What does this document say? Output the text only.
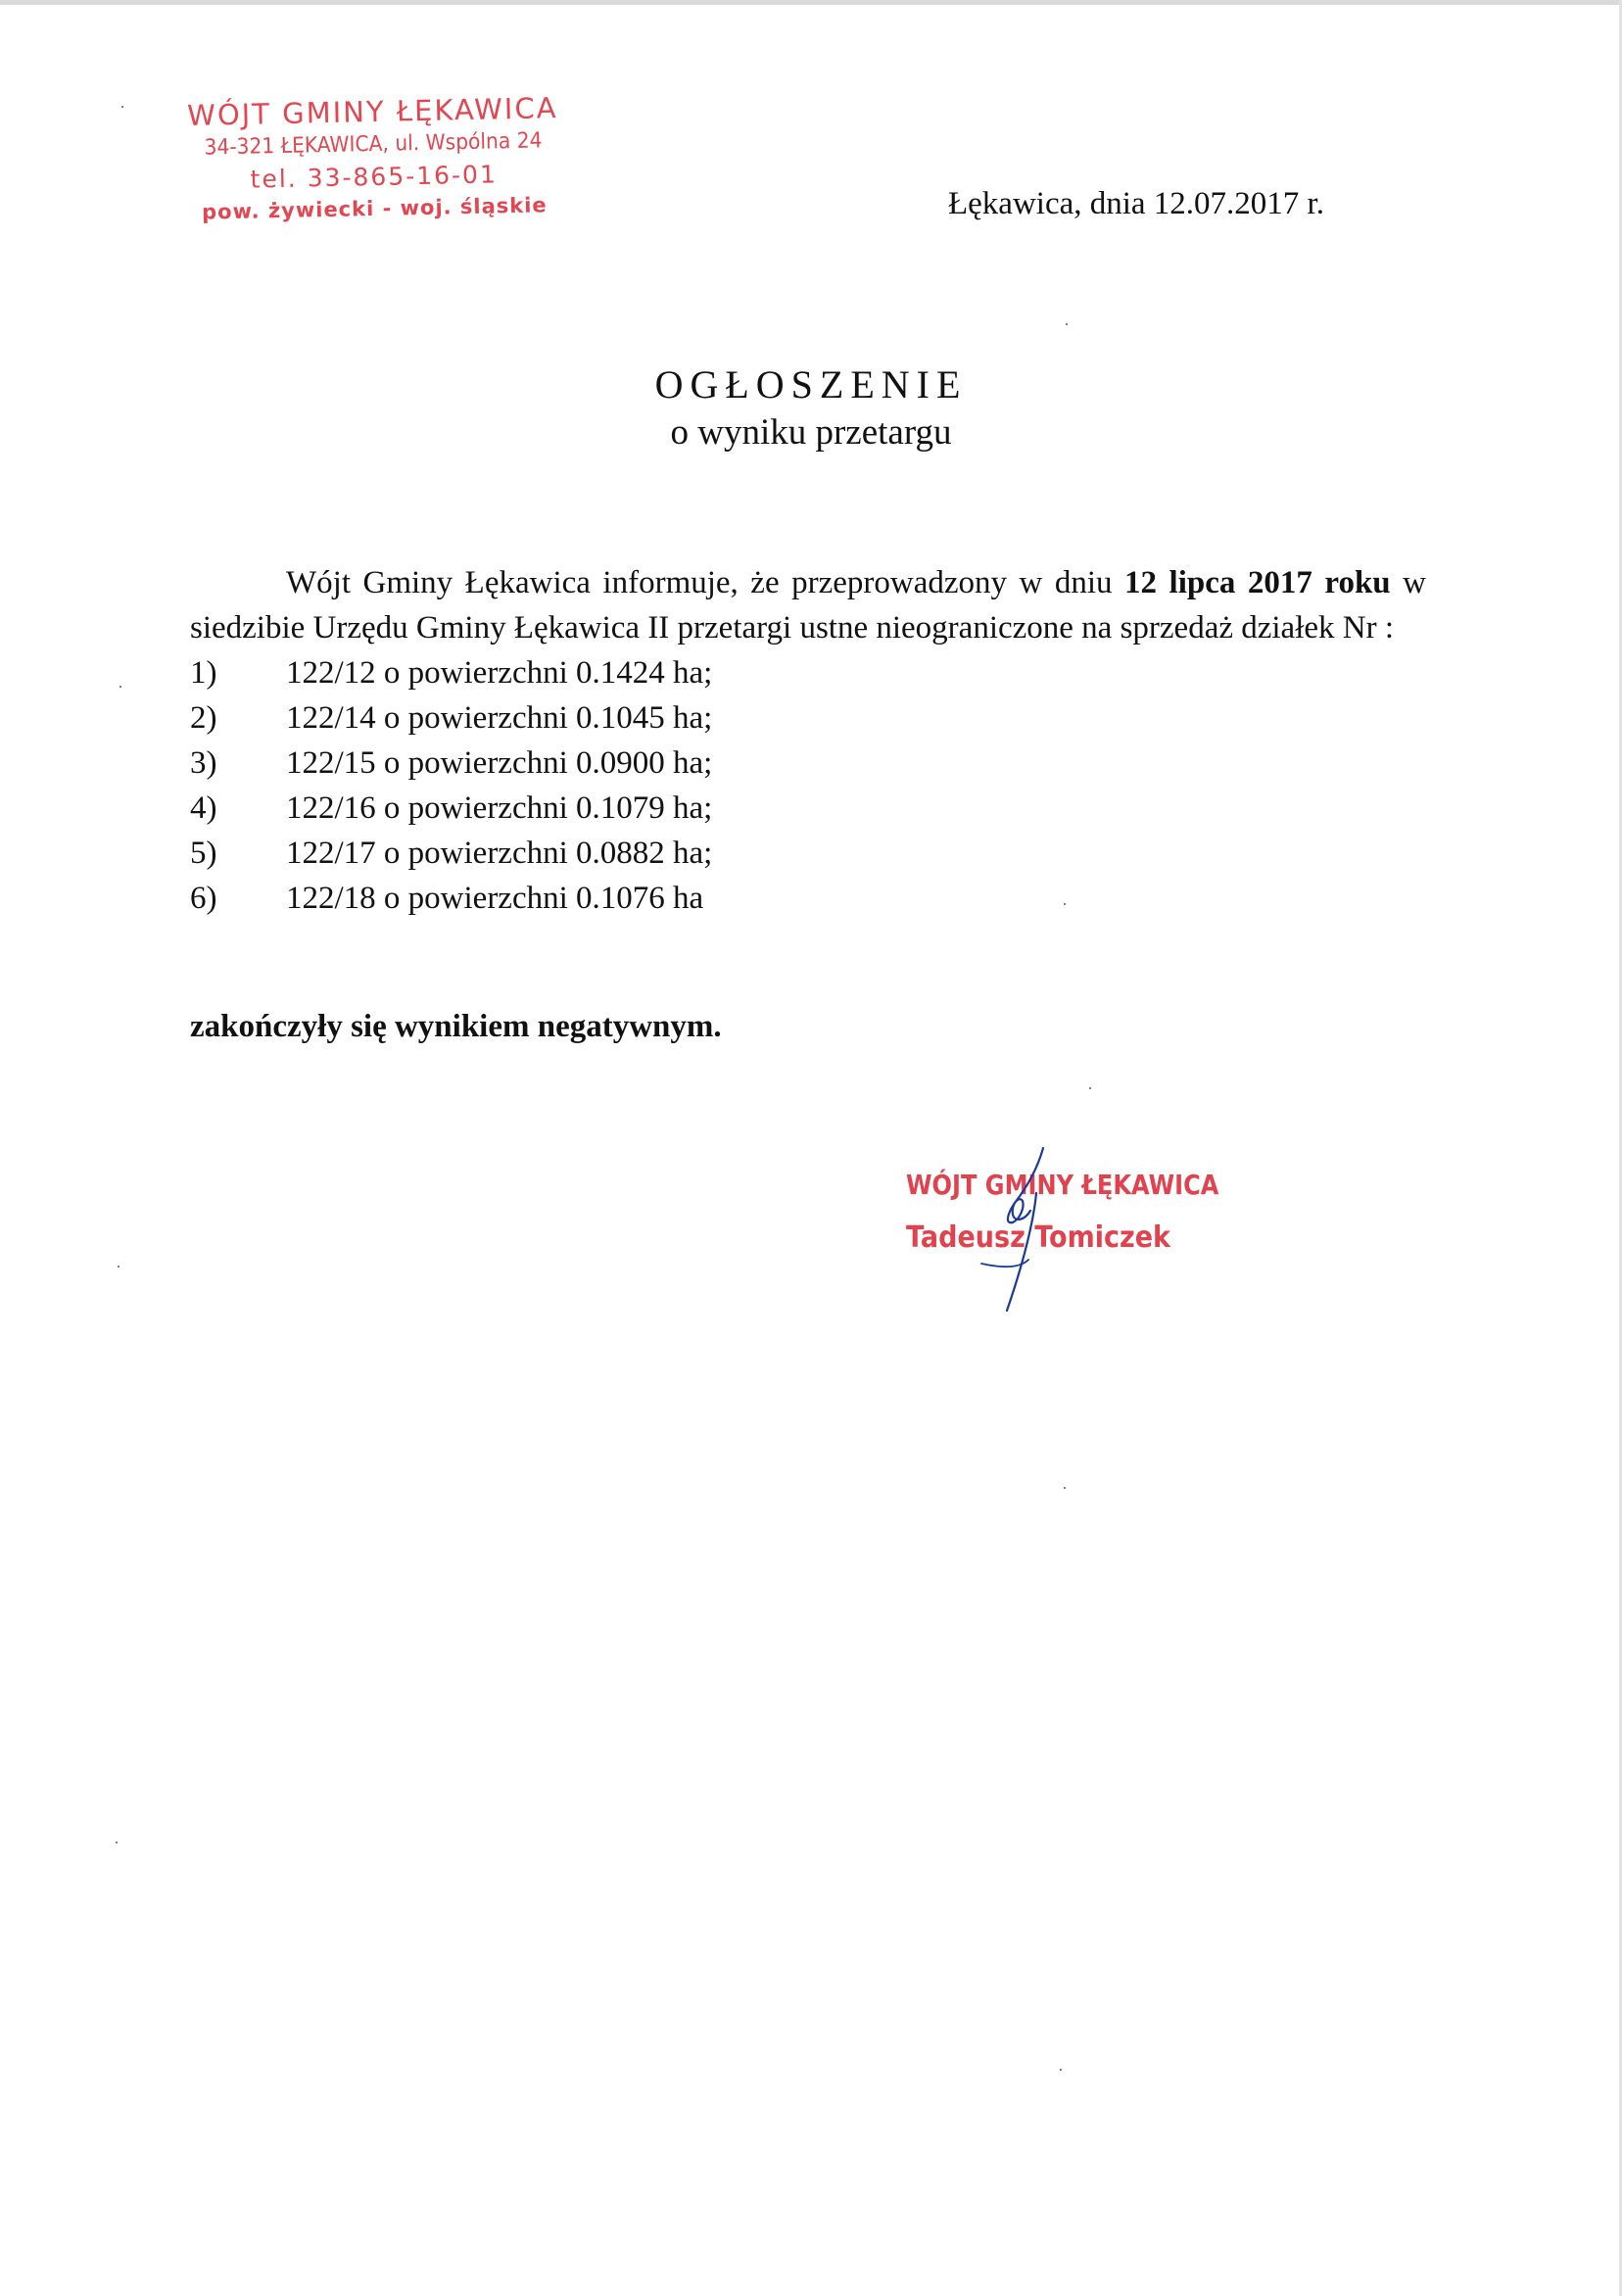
WÓJT GMINY ŁĘKAWICA
34-321 ŁĘKAWICA, ul. Wspólna 24
tel. 33-865-16-01
pow. żywiecki - woj. śląskie	Łękawica, dnia 12.07.2017 r.
OGŁOSZENIE
o wyniku przetargu

Wójt Gminy Łękawica informuje, że przeprowadzony w dniu 12 lipca 2017 roku w siedzibie Urzędu Gminy Łękawica II przetargi ustne nieograniczone na sprzedaż działek Nr :

1) 122/12 o powierzchni 0.1424 ha;
2) 122/14 o powierzchni 0.1045 ha;
3) 122/15 o powierzchni 0.0900 ha;
4) 122/16 o powierzchni 0.1079 ha;
5) 122/17 o powierzchni 0.0882 ha;
6) 122/18 o powierzchni 0.1076 ha
zakończyły się wynikiem negatywnym.
WÓJT GMINY ŁĘKAWICA
Tadeusz Tomiczek
